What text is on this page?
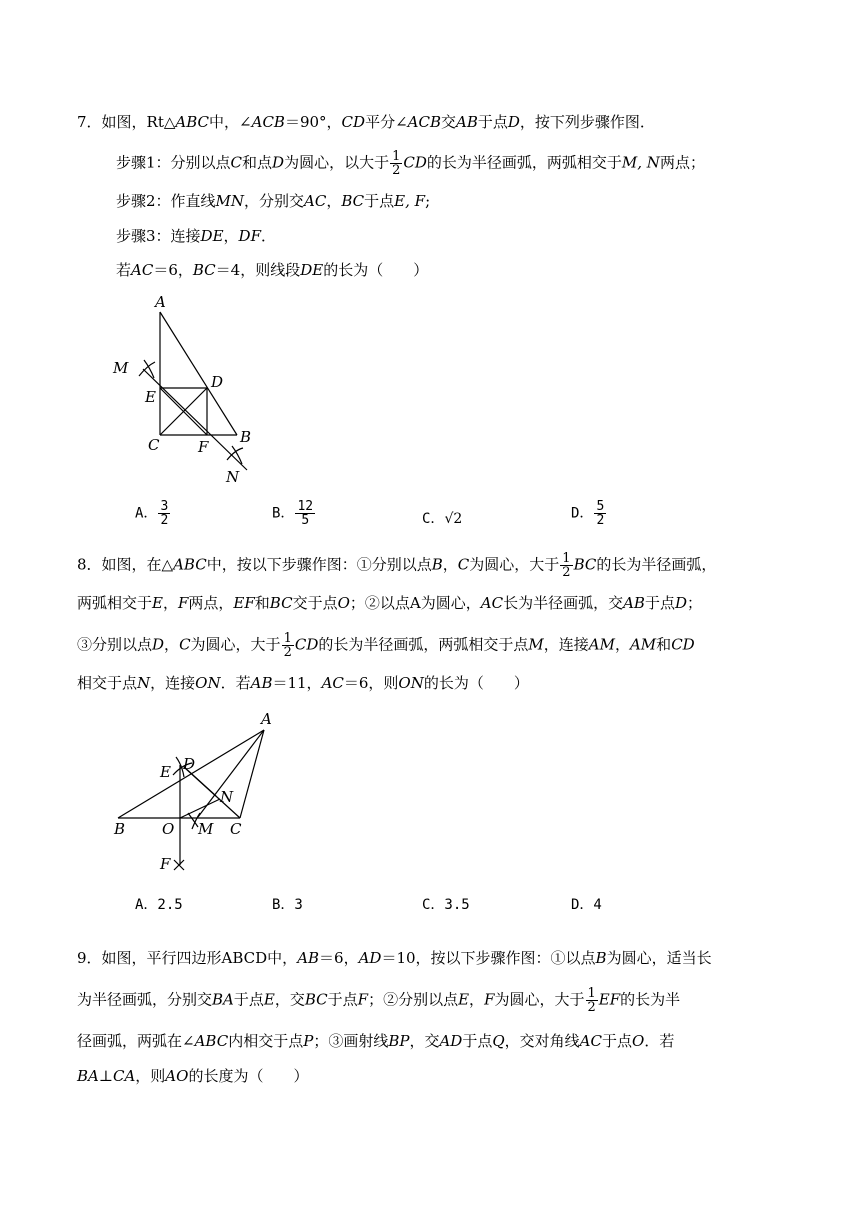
7．如图，Rt△ABC中，∠ACB＝90°，CD平分∠ACB交AB于点D，按下列步骤作图．
步骤1：分别以点C和点D为圆心，以大于 $\frac{1}{2}$ CD的长为半径画弧，两弧相交于M, N两点；
步骤2：作直线MN，分别交AC，BC于点E, F;
步骤3：连接DE，DF．
若AC＝6，BC＝4，则线段DE的长为（　　）
A
M
E
D
C	F
B
N
A． $\frac{3}{2}$	B． $\frac{12}{5}$	C．√2	D． $\frac{5}{2}$
8．如图，在△ABC中，按以下步骤作图：①分别以点B，C为圆心，大于 $\frac{1}{2}$ BC的长为半径画弧，
两弧相交于E，F两点，EF和BC交于点O；②以点A为圆心，AC长为半径画弧，交AB于点D；
③分别以点D，C为圆心，大于 $\frac{1}{2}$ CD的长为半径画弧，两弧相交于点M，连接AM，AM和CD
相交于点N，连接ON．若AB＝11，AC＝6，则ON的长为（　　）
A
E D
N
B O M C
F
A．2.5	B．3	C．3.5	D．4
9．如图，平行四边形ABCD中，AB＝6，AD＝10，按以下步骤作图：①以点B为圆心，适当长
为半径画弧，分别交BA于点E，交BC于点F；②分别以点E，F为圆心，大于 $\frac{1}{2}$ EF的长为半
径画弧，两弧在∠ABC内相交于点P；③画射线BP，交AD于点Q，交对角线AC于点O．若
BA⊥CA，则AO的长度为（　　）
